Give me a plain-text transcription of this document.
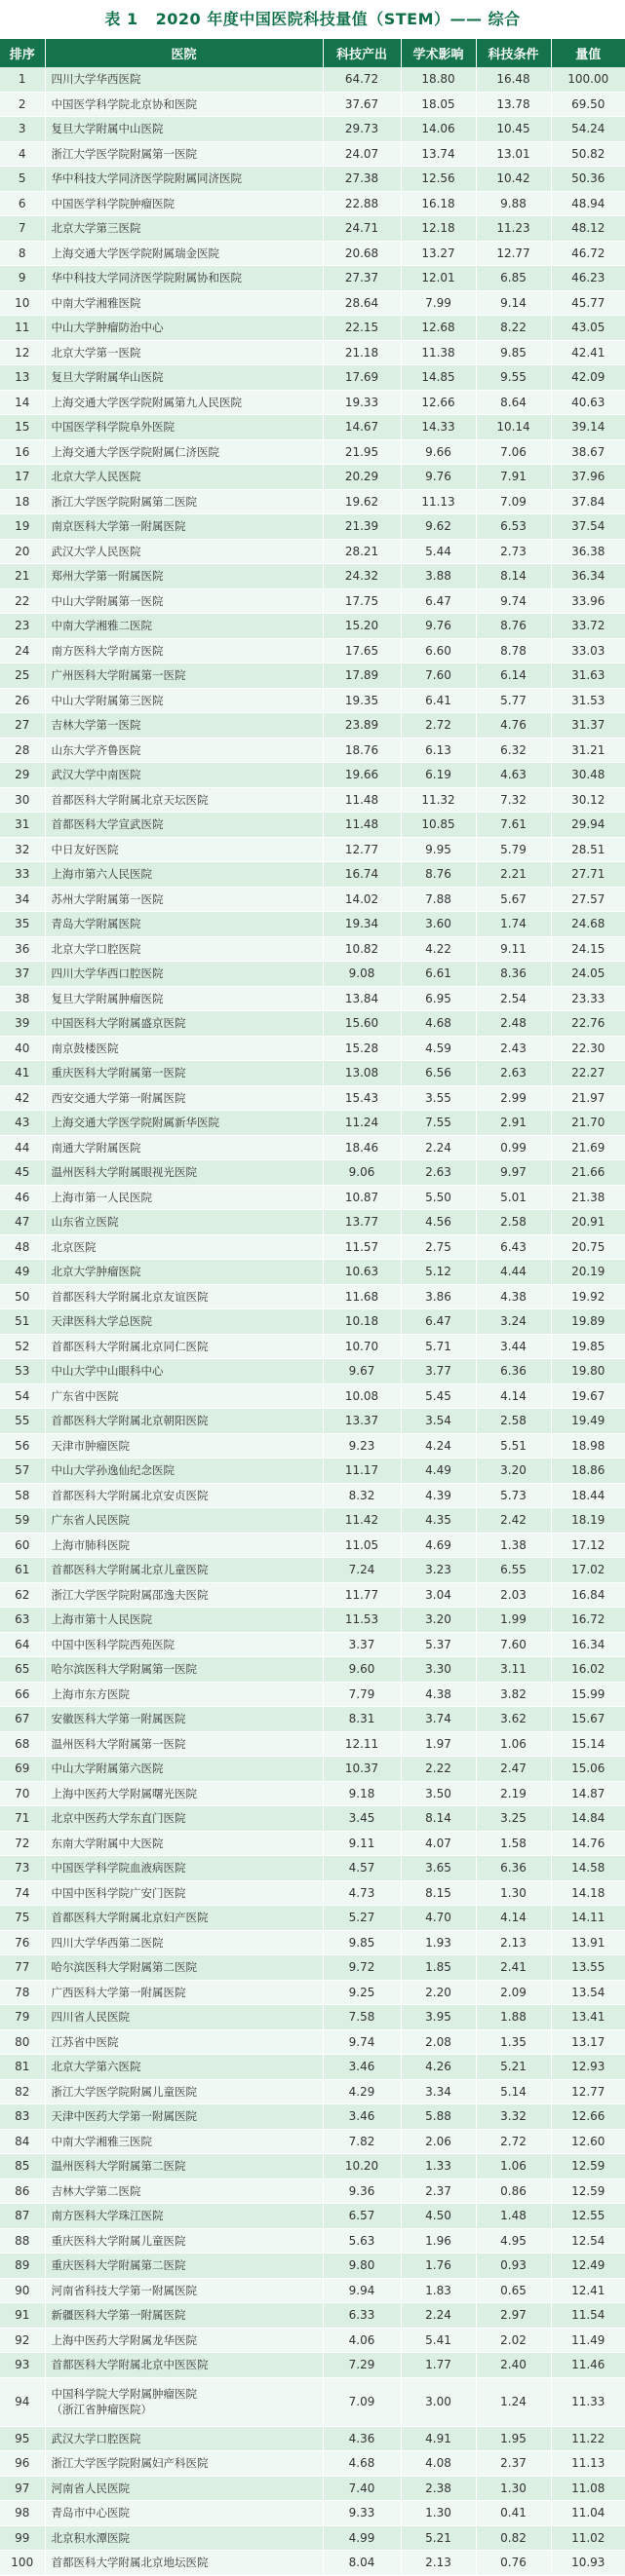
表 1 2020 年度中国医院科技量值（STEM）—— 综合
排序	医院	科技产出	学术影响	科技条件	量值
1	四川大学华西医院	64.72	18.80	16.48	100.00
2	中国医学科学院北京协和医院	37.67	18.05	13.78	69.50
3	复旦大学附属中山医院	29.73	14.06	10.45	54.24
4	浙江大学医学院附属第一医院	24.07	13.74	13.01	50.82
5	华中科技大学同济医学院附属同济医院	27.38	12.56	10.42	50.36
6	中国医学科学院肿瘤医院	22.88	16.18	9.88	48.94
7	北京大学第三医院	24.71	12.18	11.23	48.12
8	上海交通大学医学院附属瑞金医院	20.68	13.27	12.77	46.72
9	华中科技大学同济医学院附属协和医院	27.37	12.01	6.85	46.23
10	中南大学湘雅医院	28.64	7.99	9.14	45.77
11	中山大学肿瘤防治中心	22.15	12.68	8.22	43.05
12	北京大学第一医院	21.18	11.38	9.85	42.41
13	复旦大学附属华山医院	17.69	14.85	9.55	42.09
14	上海交通大学医学院附属第九人民医院	19.33	12.66	8.64	40.63
15	中国医学科学院阜外医院	14.67	14.33	10.14	39.14
16	上海交通大学医学院附属仁济医院	21.95	9.66	7.06	38.67
17	北京大学人民医院	20.29	9.76	7.91	37.96
18	浙江大学医学院附属第二医院	19.62	11.13	7.09	37.84
19	南京医科大学第一附属医院	21.39	9.62	6.53	37.54
20	武汉大学人民医院	28.21	5.44	2.73	36.38
21	郑州大学第一附属医院	24.32	3.88	8.14	36.34
22	中山大学附属第一医院	17.75	6.47	9.74	33.96
23	中南大学湘雅二医院	15.20	9.76	8.76	33.72
24	南方医科大学南方医院	17.65	6.60	8.78	33.03
25	广州医科大学附属第一医院	17.89	7.60	6.14	31.63
26	中山大学附属第三医院	19.35	6.41	5.77	31.53
27	吉林大学第一医院	23.89	2.72	4.76	31.37
28	山东大学齐鲁医院	18.76	6.13	6.32	31.21
29	武汉大学中南医院	19.66	6.19	4.63	30.48
30	首都医科大学附属北京天坛医院	11.48	11.32	7.32	30.12
31	首都医科大学宣武医院	11.48	10.85	7.61	29.94
32	中日友好医院	12.77	9.95	5.79	28.51
33	上海市第六人民医院	16.74	8.76	2.21	27.71
34	苏州大学附属第一医院	14.02	7.88	5.67	27.57
35	青岛大学附属医院	19.34	3.60	1.74	24.68
36	北京大学口腔医院	10.82	4.22	9.11	24.15
37	四川大学华西口腔医院	9.08	6.61	8.36	24.05
38	复旦大学附属肿瘤医院	13.84	6.95	2.54	23.33
39	中国医科大学附属盛京医院	15.60	4.68	2.48	22.76
40	南京鼓楼医院	15.28	4.59	2.43	22.30
41	重庆医科大学附属第一医院	13.08	6.56	2.63	22.27
42	西安交通大学第一附属医院	15.43	3.55	2.99	21.97
43	上海交通大学医学院附属新华医院	11.24	7.55	2.91	21.70
44	南通大学附属医院	18.46	2.24	0.99	21.69
45	温州医科大学附属眼视光医院	9.06	2.63	9.97	21.66
46	上海市第一人民医院	10.87	5.50	5.01	21.38
47	山东省立医院	13.77	4.56	2.58	20.91
48	北京医院	11.57	2.75	6.43	20.75
49	北京大学肿瘤医院	10.63	5.12	4.44	20.19
50	首都医科大学附属北京友谊医院	11.68	3.86	4.38	19.92
51	天津医科大学总医院	10.18	6.47	3.24	19.89
52	首都医科大学附属北京同仁医院	10.70	5.71	3.44	19.85
53	中山大学中山眼科中心	9.67	3.77	6.36	19.80
54	广东省中医院	10.08	5.45	4.14	19.67
55	首都医科大学附属北京朝阳医院	13.37	3.54	2.58	19.49
56	天津市肿瘤医院	9.23	4.24	5.51	18.98
57	中山大学孙逸仙纪念医院	11.17	4.49	3.20	18.86
58	首都医科大学附属北京安贞医院	8.32	4.39	5.73	18.44
59	广东省人民医院	11.42	4.35	2.42	18.19
60	上海市肺科医院	11.05	4.69	1.38	17.12
61	首都医科大学附属北京儿童医院	7.24	3.23	6.55	17.02
62	浙江大学医学院附属邵逸夫医院	11.77	3.04	2.03	16.84
63	上海市第十人民医院	11.53	3.20	1.99	16.72
64	中国中医科学院西苑医院	3.37	5.37	7.60	16.34
65	哈尔滨医科大学附属第一医院	9.60	3.30	3.11	16.02
66	上海市东方医院	7.79	4.38	3.82	15.99
67	安徽医科大学第一附属医院	8.31	3.74	3.62	15.67
68	温州医科大学附属第一医院	12.11	1.97	1.06	15.14
69	中山大学附属第六医院	10.37	2.22	2.47	15.06
70	上海中医药大学附属曙光医院	9.18	3.50	2.19	14.87
71	北京中医药大学东直门医院	3.45	8.14	3.25	14.84
72	东南大学附属中大医院	9.11	4.07	1.58	14.76
73	中国医学科学院血液病医院	4.57	3.65	6.36	14.58
74	中国中医科学院广安门医院	4.73	8.15	1.30	14.18
75	首都医科大学附属北京妇产医院	5.27	4.70	4.14	14.11
76	四川大学华西第二医院	9.85	1.93	2.13	13.91
77	哈尔滨医科大学附属第二医院	9.72	1.85	2.41	13.55
78	广西医科大学第一附属医院	9.25	2.20	2.09	13.54
79	四川省人民医院	7.58	3.95	1.88	13.41
80	江苏省中医院	9.74	2.08	1.35	13.17
81	北京大学第六医院	3.46	4.26	5.21	12.93
82	浙江大学医学院附属儿童医院	4.29	3.34	5.14	12.77
83	天津中医药大学第一附属医院	3.46	5.88	3.32	12.66
84	中南大学湘雅三医院	7.82	2.06	2.72	12.60
85	温州医科大学附属第二医院	10.20	1.33	1.06	12.59
86	吉林大学第二医院	9.36	2.37	0.86	12.59
87	南方医科大学珠江医院	6.57	4.50	1.48	12.55
88	重庆医科大学附属儿童医院	5.63	1.96	4.95	12.54
89	重庆医科大学附属第二医院	9.80	1.76	0.93	12.49
90	河南省科技大学第一附属医院	9.94	1.83	0.65	12.41
91	新疆医科大学第一附属医院	6.33	2.24	2.97	11.54
92	上海中医药大学附属龙华医院	4.06	5.41	2.02	11.49
93	首都医科大学附属北京中医医院	7.29	1.77	2.40	11.46
94	中国科学院大学附属肿瘤医院
（浙江省肿瘤医院）	7.09	3.00	1.24	11.33
95	武汉大学口腔医院	4.36	4.91	1.95	11.22
96	浙江大学医学院附属妇产科医院	4.68	4.08	2.37	11.13
97	河南省人民医院	7.40	2.38	1.30	11.08
98	青岛市中心医院	9.33	1.30	0.41	11.04
99	北京积水潭医院	4.99	5.21	0.82	11.02
100	首都医科大学附属北京地坛医院	8.04	2.13	0.76	10.93
